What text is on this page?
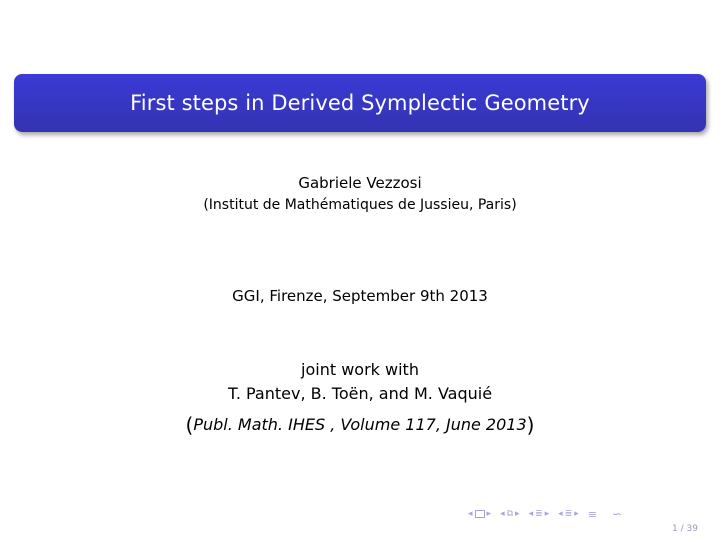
First steps in Derived Symplectic Geometry
Gabriele Vezzosi
(Institut de Mathématiques de Jussieu, Paris)
GGI, Firenze, September 9th 2013
joint work with
T. Pantev, B. Toën, and M. Vaquié
(Publ. Math. IHES , Volume 117, June 2013)
◂ ▸ ◂ ⧉ ▸ ◂ ≣ ▸ ◂ ≣ ▸ ≡ ∽
1 / 39
